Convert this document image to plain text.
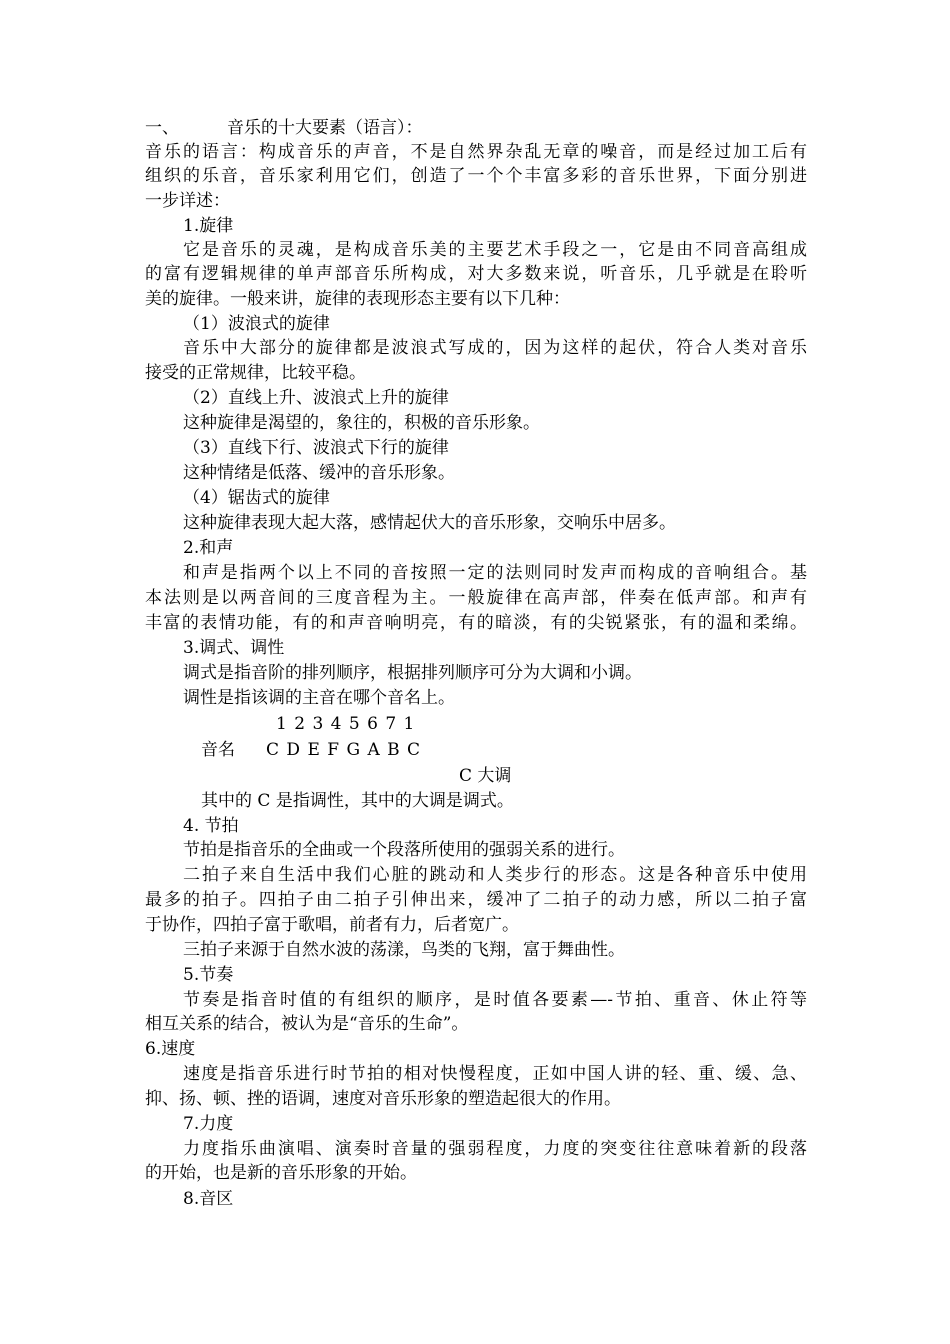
一、	音乐的十大要素（语言）：
音乐的语言：构成音乐的声音，不是自然界杂乱无章的噪音，而是经过加工后有
组织的乐音，音乐家利用它们，创造了一个个丰富多彩的音乐世界，下面分别进
一步详述：
1.旋律
它是音乐的灵魂，是构成音乐美的主要艺术手段之一，它是由不同音高组成
的富有逻辑规律的单声部音乐所构成，对大多数来说，听音乐，几乎就是在聆听
美的旋律。一般来讲，旋律的表现形态主要有以下几种：
（1）波浪式的旋律
音乐中大部分的旋律都是波浪式写成的，因为这样的起伏，符合人类对音乐
接受的正常规律，比较平稳。
（2）直线上升、波浪式上升的旋律
这种旋律是渴望的，象往的，积极的音乐形象。
（3）直线下行、波浪式下行的旋律
这种情绪是低落、缓冲的音乐形象。
（4）锯齿式的旋律
这种旋律表现大起大落，感情起伏大的音乐形象，交响乐中居多。
2.和声
和声是指两个以上不同的音按照一定的法则同时发声而构成的音响组合。基
本法则是以两音间的三度音程为主。一般旋律在高声部，伴奏在低声部。和声有
丰富的表情功能，有的和声音响明亮，有的暗淡，有的尖锐紧张，有的温和柔绵。
3.调式、调性
调式是指音阶的排列顺序，根据排列顺序可分为大调和小调。
调性是指该调的主音在哪个音名上。
1 2 3 4 5 6 7 1
音名 C D E F G A B C
C 大调
其中的 C 是指调性，其中的大调是调式。
4. 节拍
节拍是指音乐的全曲或一个段落所使用的强弱关系的进行。
二拍子来自生活中我们心脏的跳动和人类步行的形态。这是各种音乐中使用
最多的拍子。四拍子由二拍子引伸出来，缓冲了二拍子的动力感，所以二拍子富
于协作，四拍子富于歌唱，前者有力，后者宽广。
三拍子来源于自然水波的荡漾，鸟类的飞翔，富于舞曲性。
5.节奏
节奏是指音时值的有组织的顺序，是时值各要素—-节拍、重音、休止符等
相互关系的结合，被认为是“音乐的生命”。
6.速度
速度是指音乐进行时节拍的相对快慢程度，正如中国人讲的轻、重、缓、急、
抑、扬、顿、挫的语调，速度对音乐形象的塑造起很大的作用。
7.力度
力度指乐曲演唱、演奏时音量的强弱程度，力度的突变往往意味着新的段落
的开始，也是新的音乐形象的开始。
8.音区
